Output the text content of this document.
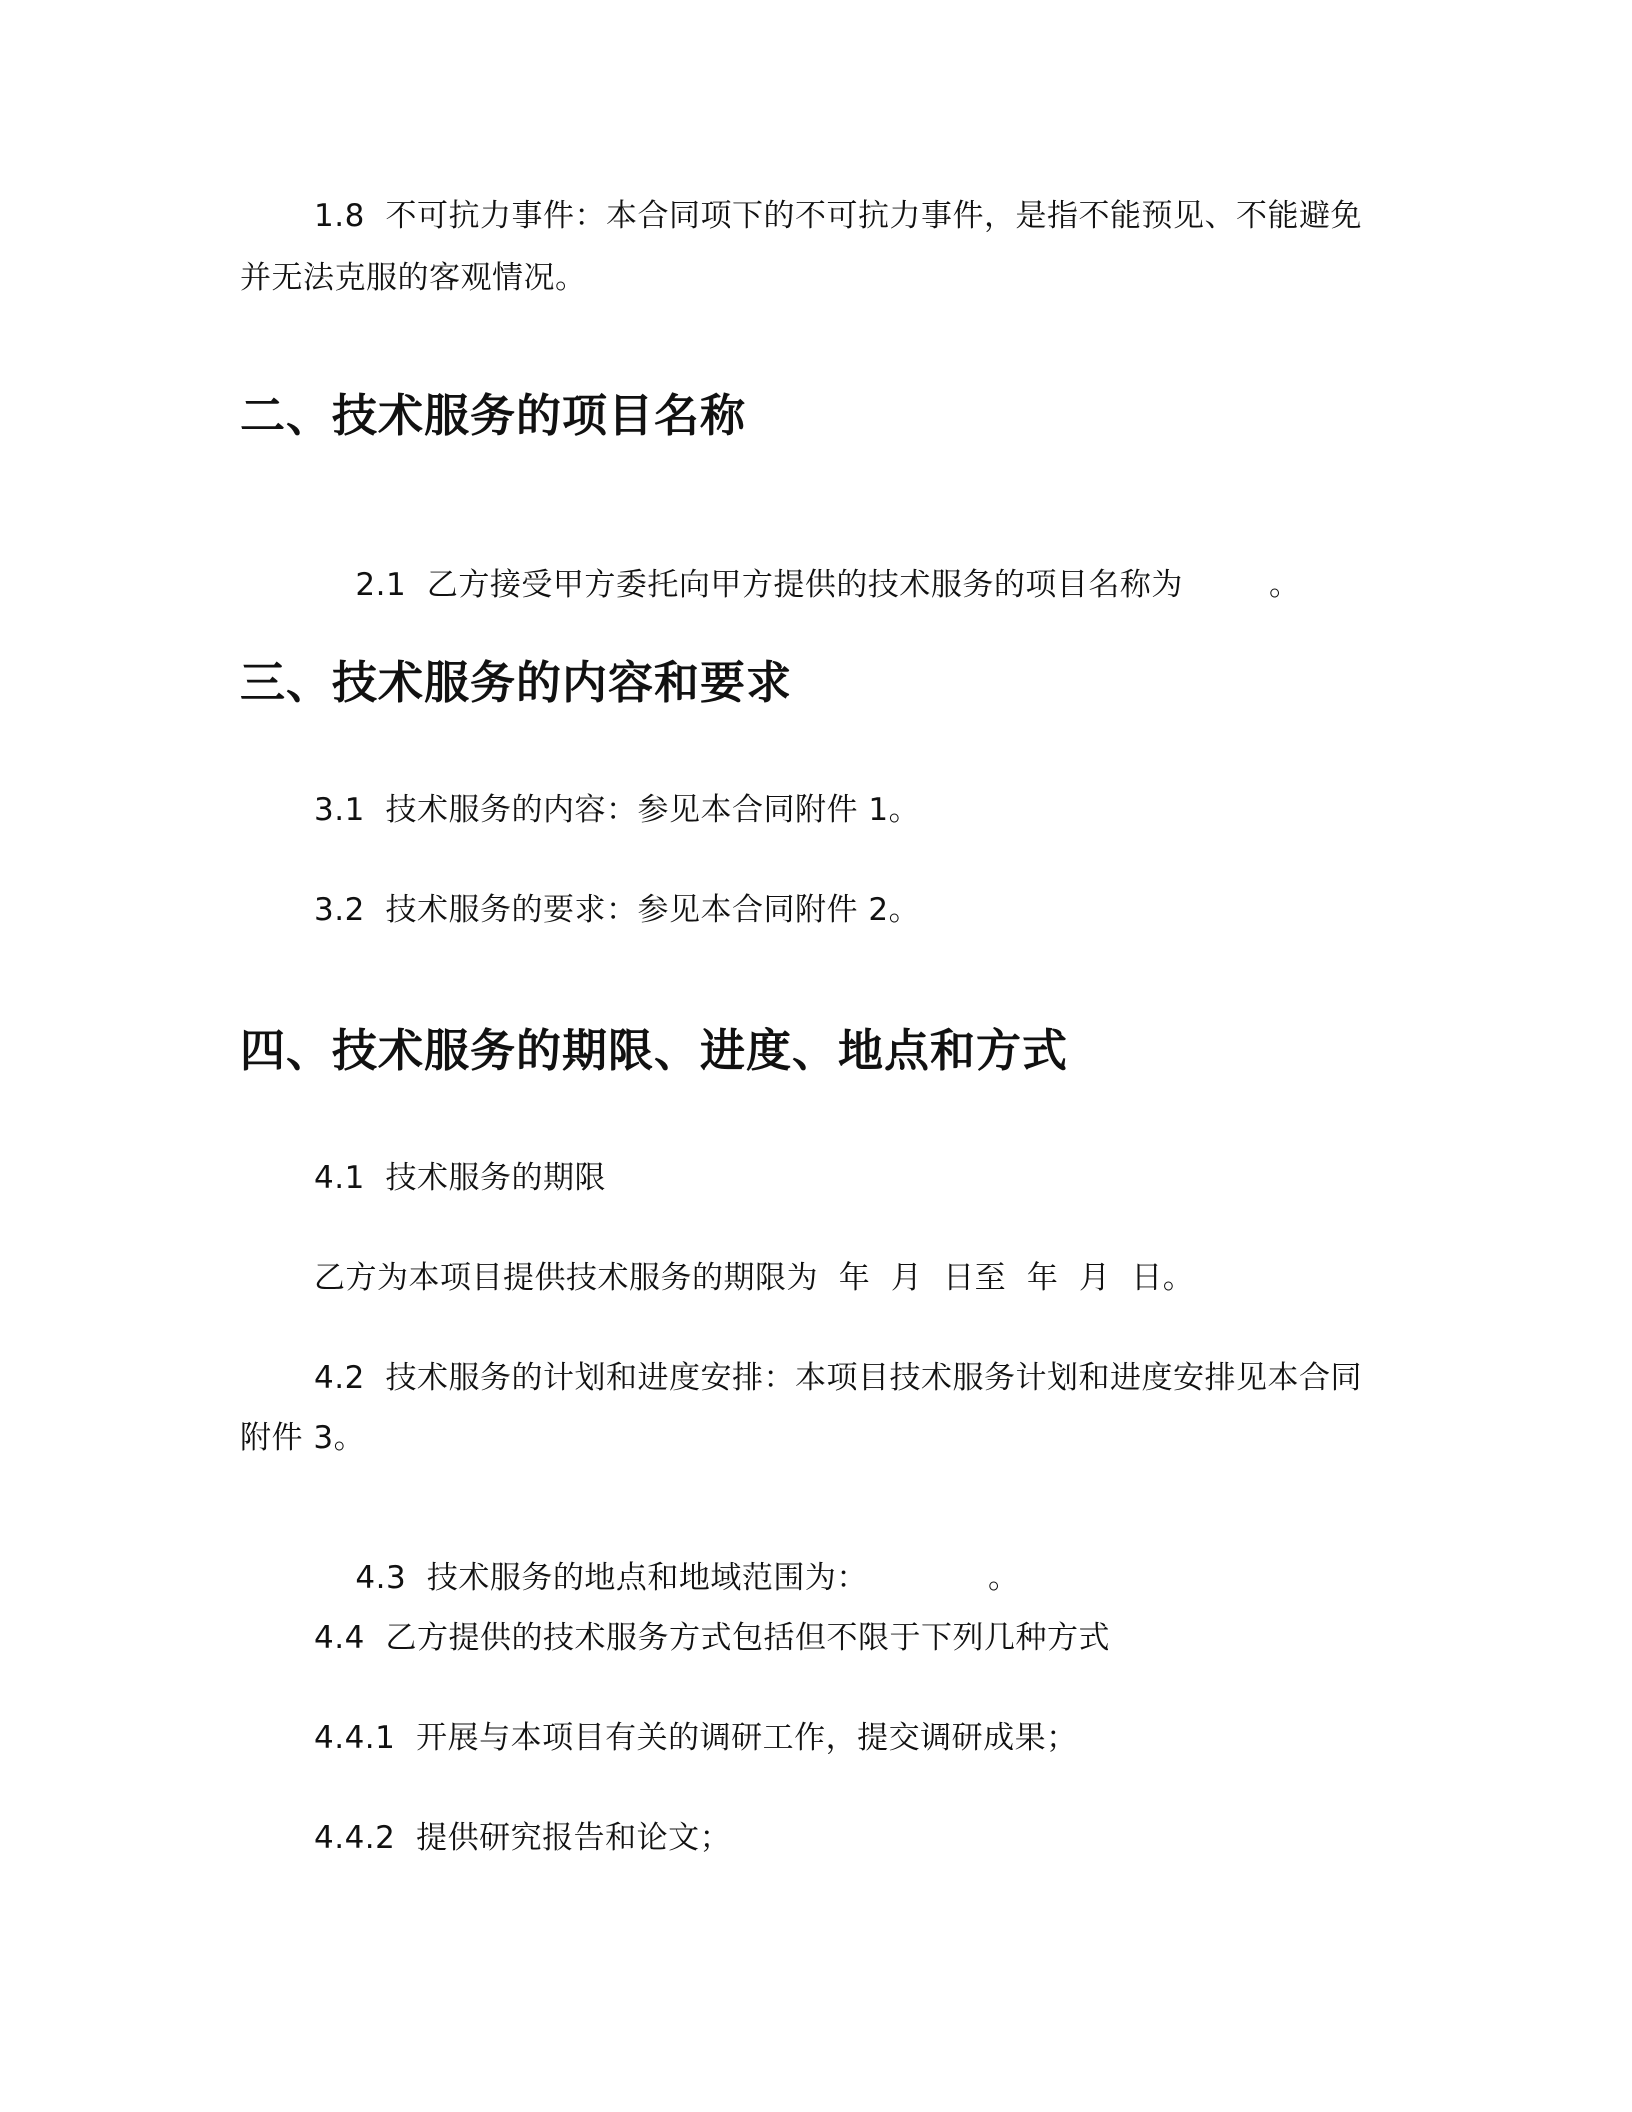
1.8  不可抗力事件：本合同项下的不可抗力事件，是指不能预见、不能避免
并无法克服的客观情况。
二、技术服务的项目名称

2.1  乙方接受甲方委托向甲方提供的技术服务的项目名称为	。

三、技术服务的内容和要求
3.1  技术服务的内容：参见本合同附件 1。
3.2  技术服务的要求：参见本合同附件 2。
四、技术服务的期限、进度、地点和方式
4.1  技术服务的期限
乙方为本项目提供技术服务的期限为  年  月  日至  年  月  日。
4.2  技术服务的计划和进度安排：本项目技术服务计划和进度安排见本合同
附件 3。

4.3  技术服务的地点和地域范围为：	。

4.4  乙方提供的技术服务方式包括但不限于下列几种方式
4.4.1  开展与本项目有关的调研工作，提交调研成果；
4.4.2  提供研究报告和论文；
